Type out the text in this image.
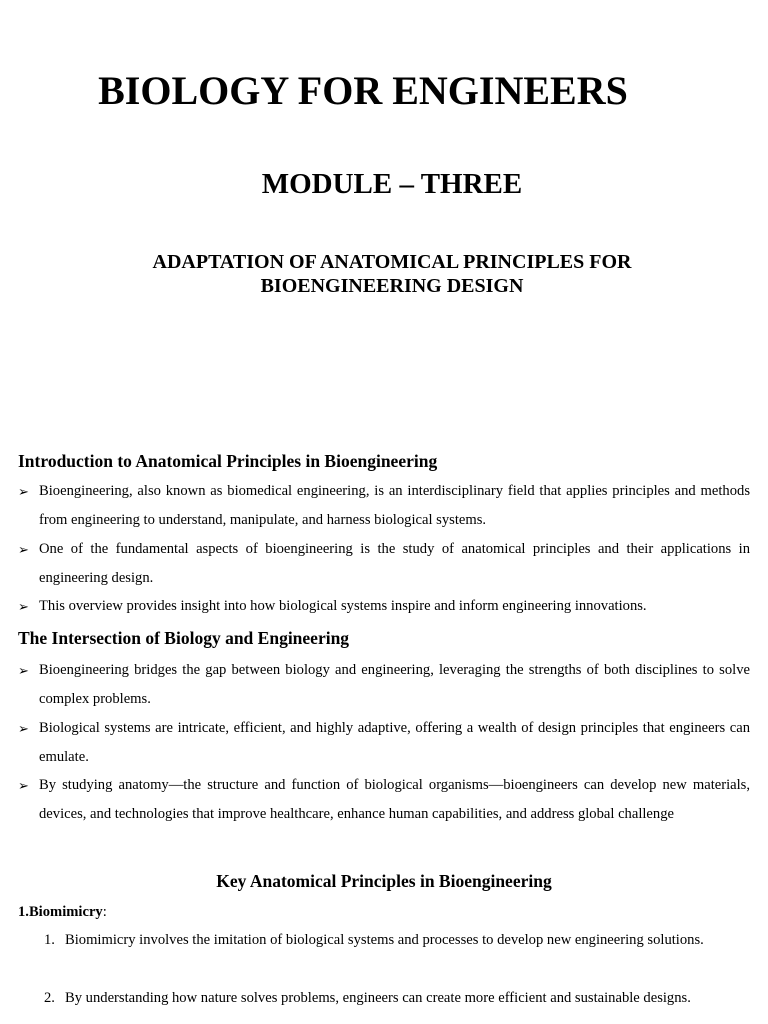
BIOLOGY FOR ENGINEERS
MODULE – THREE
ADAPTATION OF ANATOMICAL PRINCIPLES FOR
BIOENGINEERING DESIGN
Introduction to Anatomical Principles in Bioengineering
➢ Bioengineering, also known as biomedical engineering, is an interdisciplinary field that applies principles and methods from engineering to understand, manipulate, and harness biological systems.
➢ One of the fundamental aspects of bioengineering is the study of anatomical principles and their applications in engineering design.
➢ This overview provides insight into how biological systems inspire and inform engineering innovations.
The Intersection of Biology and Engineering
➢ Bioengineering bridges the gap between biology and engineering, leveraging the strengths of both disciplines to solve complex problems.
➢ Biological systems are intricate, efficient, and highly adaptive, offering a wealth of design principles that engineers can emulate.
➢ By studying anatomy—the structure and function of biological organisms—bioengineers can develop new materials, devices, and technologies that improve healthcare, enhance human capabilities, and address global challenge
Key Anatomical Principles in Bioengineering
1.Biomimicry:
1. Biomimicry involves the imitation of biological systems and processes to develop new engineering solutions.
2. By understanding how nature solves problems, engineers can create more efficient and sustainable designs.
